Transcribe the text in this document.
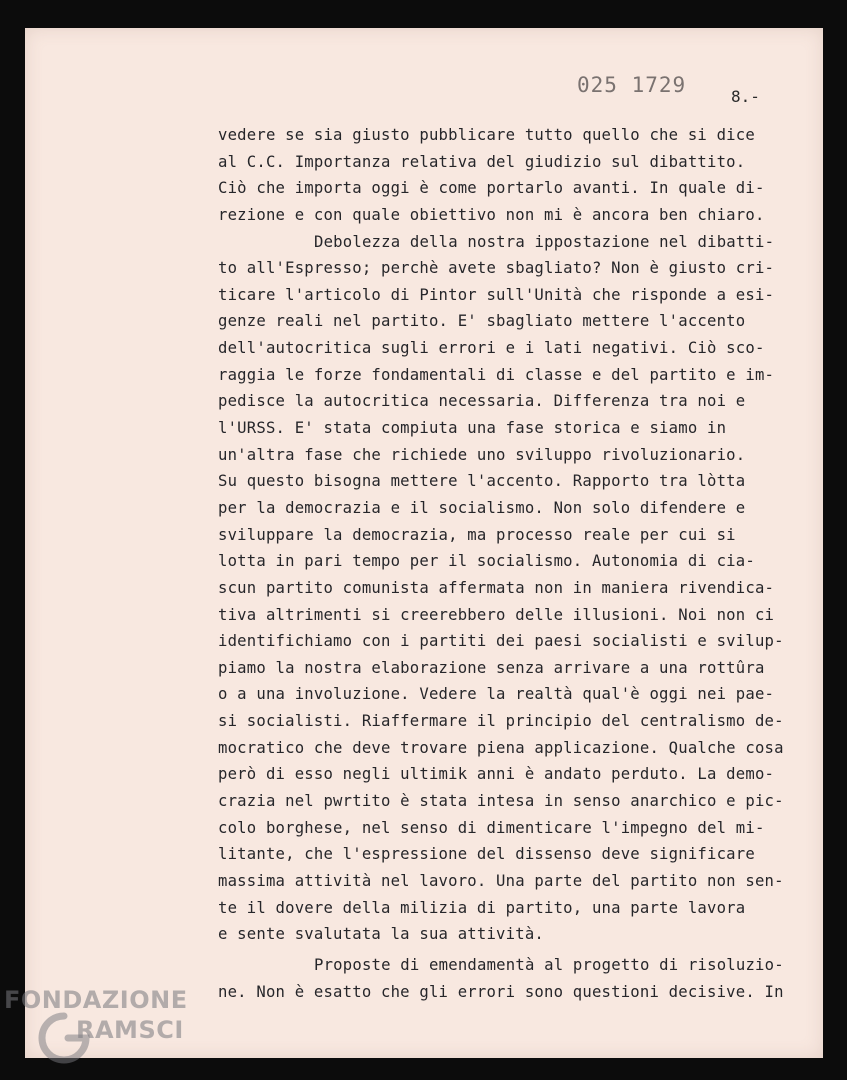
025 1729	8.-
vedere se sia giusto pubblicare tutto quello che si dice
al C.C. Importanza relativa del giudizio sul dibattito.
Ciò che importa oggi è come portarlo avanti. In quale di-
rezione e con quale obiettivo non mi è ancora ben chiaro.
Debolezza della nostra ippostazione nel dibatti-
to all'Espresso; perchè avete sbagliato? Non è giusto cri-
ticare l'articolo di Pintor sull'Unità che risponde a esi-
genze reali nel partito. E' sbagliato mettere l'accento
dell'autocritica sugli errori e i lati negativi. Ciò sco-
raggia le forze fondamentali di classe e del partito e im-
pedisce la autocritica necessaria. Differenza tra noi e
l'URSS. E' stata compiuta una fase storica e siamo in
un'altra fase che richiede uno sviluppo rivoluzionario.
Su questo bisogna mettere l'accento. Rapporto tra lòtta
per la democrazia e il socialismo. Non solo difendere e
sviluppare la democrazia, ma processo reale per cui si
lotta in pari tempo per il socialismo. Autonomia di cia-
scun partito comunista affermata non in maniera rivendica-
tiva altrimenti si creerebbero delle illusioni. Noi non ci
identifichiamo con i partiti dei paesi socialisti e svilup-
piamo la nostra elaborazione senza arrivare a una rottûra
o a una involuzione. Vedere la realtà qual'è oggi nei pae-
si socialisti. Riaffermare il principio del centralismo de-
mocratico che deve trovare piena applicazione. Qualche cosa
però di esso negli ultimik anni è andato perduto. La demo-
crazia nel pwrtito è stata intesa in senso anarchico e pic-
colo borghese, nel senso di dimenticare l'impegno del mi-
litante, che l'espressione del dissenso deve significare
massima attività nel lavoro. Una parte del partito non sen-
te il dovere della milizia di partito, una parte lavora
e sente svalutata la sua attività.
Proposte di emendamentà al progetto di risoluzio-
ne. Non è esatto che gli errori sono questioni decisive. In
FONDAZIONE
RAMSCI
